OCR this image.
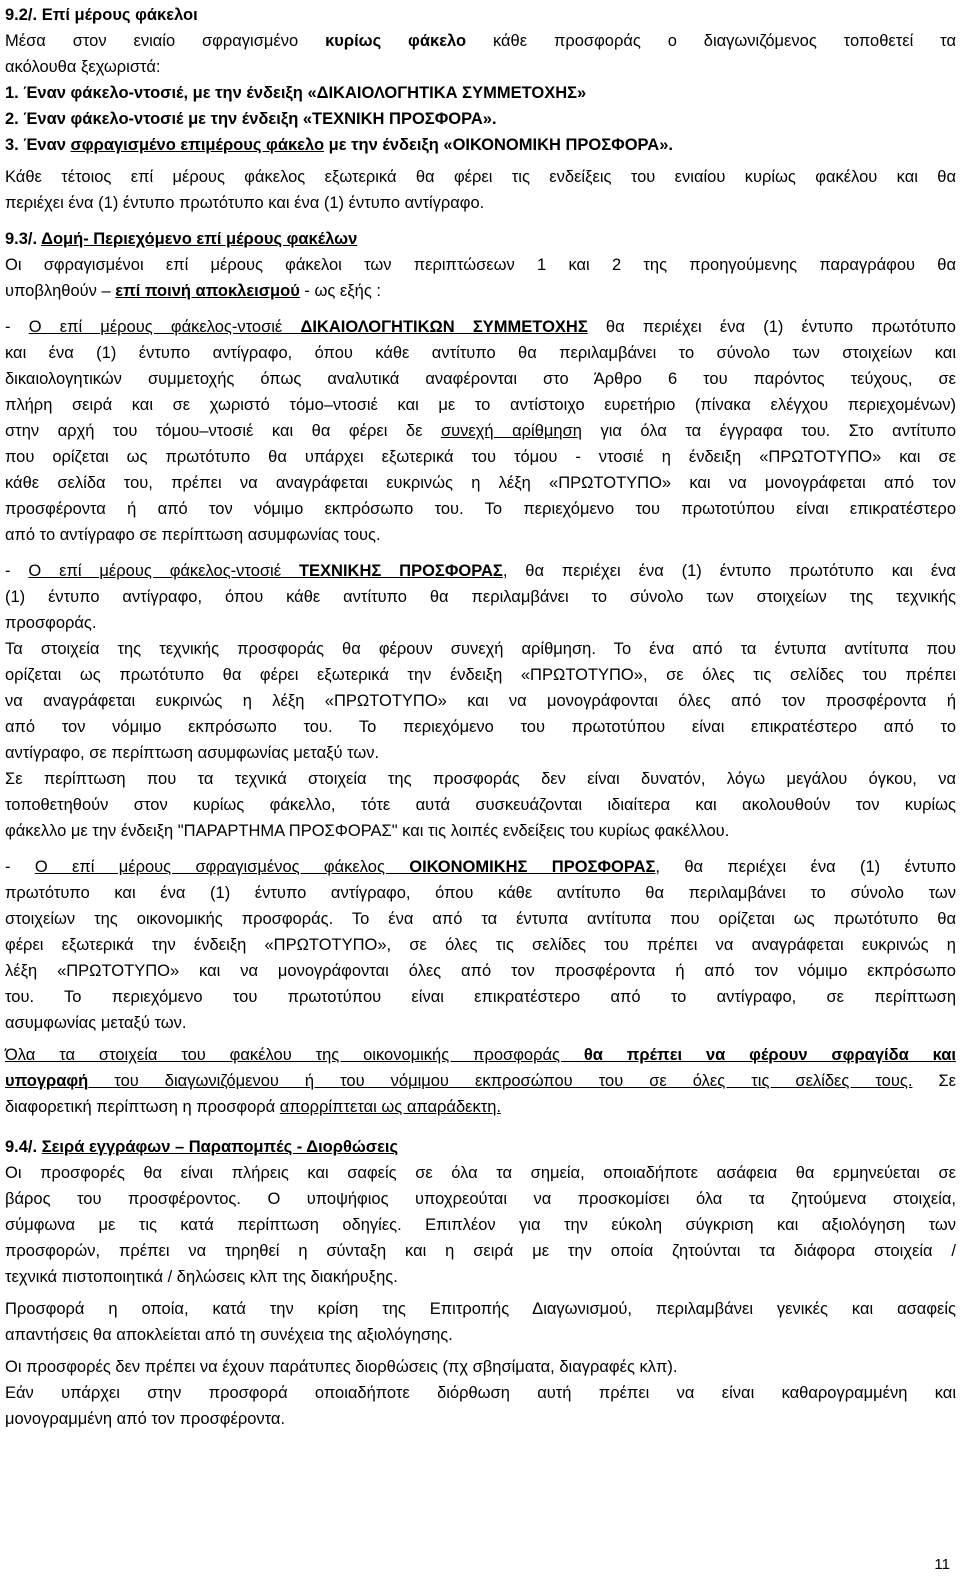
9.2/. Επί μέρους φάκελοι
Μέσα στον ενιαίο σφραγισμένο κυρίως φάκελο κάθε προσφοράς ο διαγωνιζόμενος τοποθετεί τα
ακόλουθα ξεχωριστά:
1. Έναν φάκελο-ντοσιέ, με την ένδειξη «ΔΙΚΑΙΟΛΟΓΗΤΙΚΑ ΣΥΜΜΕΤΟΧΗΣ»
2. Έναν φάκελο-ντοσιέ με την ένδειξη «ΤΕΧΝΙΚΗ ΠΡΟΣΦΟΡΑ».
3. Έναν σφραγισμένο επιμέρους φάκελο με την ένδειξη «ΟΙΚΟΝΟΜΙΚΗ ΠΡΟΣΦΟΡΑ».
Κάθε τέτοιος επί μέρους φάκελος εξωτερικά θα φέρει τις ενδείξεις του ενιαίου κυρίως φακέλου και θα
περιέχει ένα (1) έντυπο πρωτότυπο και ένα (1) έντυπο αντίγραφο.
9.3/. Δομή- Περιεχόμενο επί μέρους φακέλων
Οι σφραγισμένοι επί μέρους φάκελοι των περιπτώσεων 1 και 2 της προηγούμενης παραγράφου θα
υποβληθούν – επί ποινή αποκλεισμού - ως εξής :
- Ο επί μέρους φάκελος-ντοσιέ ΔΙΚΑΙΟΛΟΓΗΤΙΚΩΝ ΣΥΜΜΕΤΟΧΗΣ θα περιέχει ένα (1) έντυπο πρωτότυπο
και ένα (1) έντυπο αντίγραφο, όπου κάθε αντίτυπο θα περιλαμβάνει το σύνολο των στοιχείων και
δικαιολογητικών συμμετοχής όπως αναλυτικά αναφέρονται στο Άρθρο 6 του παρόντος τεύχους, σε
πλήρη σειρά και σε χωριστό τόμο–ντοσιέ και με το αντίστοιχο ευρετήριο (πίνακα ελέγχου περιεχομένων)
στην αρχή του τόμου–ντοσιέ και θα φέρει δε συνεχή αρίθμηση για όλα τα έγγραφα του. Στο αντίτυπο
που ορίζεται ως πρωτότυπο θα υπάρχει εξωτερικά του τόμου - ντοσιέ η ένδειξη «ΠΡΩΤΟΤΥΠΟ» και σε
κάθε σελίδα του, πρέπει να αναγράφεται ευκρινώς η λέξη «ΠΡΩΤΟΤΥΠΟ» και να μονογράφεται από τον
προσφέροντα ή από τον νόμιμο εκπρόσωπο του. Το περιεχόμενο του πρωτοτύπου είναι επικρατέστερο
από το αντίγραφο σε περίπτωση ασυμφωνίας τους.
- Ο επί μέρους φάκελος-ντοσιέ ΤΕΧΝΙΚΗΣ ΠΡΟΣΦΟΡΑΣ, θα περιέχει ένα (1) έντυπο πρωτότυπο και ένα
(1) έντυπο αντίγραφο, όπου κάθε αντίτυπο θα περιλαμβάνει το σύνολο των στοιχείων της τεχνικής
προσφοράς.
Τα στοιχεία της τεχνικής προσφοράς θα φέρουν συνεχή αρίθμηση. Το ένα από τα έντυπα αντίτυπα που
ορίζεται ως πρωτότυπο θα φέρει εξωτερικά την ένδειξη «ΠΡΩΤΟΤΥΠΟ», σε όλες τις σελίδες του πρέπει
να αναγράφεται ευκρινώς η λέξη «ΠΡΩΤΟΤΥΠΟ» και να μονογράφονται όλες από τον προσφέροντα ή
από τον νόμιμο εκπρόσωπο του. Το περιεχόμενο του πρωτοτύπου είναι επικρατέστερο από το
αντίγραφο, σε περίπτωση ασυμφωνίας μεταξύ των.
Σε περίπτωση που τα τεχνικά στοιχεία της προσφοράς δεν είναι δυνατόν, λόγω μεγάλου όγκου, να
τοποθετηθούν στον κυρίως φάκελλο, τότε αυτά συσκευάζονται ιδιαίτερα και ακολουθούν τον κυρίως
φάκελλο με την ένδειξη "ΠΑΡΑΡΤΗΜΑ ΠΡΟΣΦΟΡΑΣ" και τις λοιπές ενδείξεις του κυρίως φακέλλου.
- Ο επί μέρους σφραγισμένος φάκελος ΟΙΚΟΝΟΜΙΚΗΣ ΠΡΟΣΦΟΡΑΣ, θα περιέχει ένα (1) έντυπο
πρωτότυπο και ένα (1) έντυπο αντίγραφο, όπου κάθε αντίτυπο θα περιλαμβάνει το σύνολο των
στοιχείων της οικονομικής προσφοράς. Το ένα από τα έντυπα αντίτυπα που ορίζεται ως πρωτότυπο θα
φέρει εξωτερικά την ένδειξη «ΠΡΩΤΟΤΥΠΟ», σε όλες τις σελίδες του πρέπει να αναγράφεται ευκρινώς η
λέξη «ΠΡΩΤΟΤΥΠΟ» και να μονογράφονται όλες από τον προσφέροντα ή από τον νόμιμο εκπρόσωπο
του. Το περιεχόμενο του πρωτοτύπου είναι επικρατέστερο από το αντίγραφο, σε περίπτωση
ασυμφωνίας μεταξύ των.
Όλα τα στοιχεία του φακέλου της οικονομικής προσφοράς θα πρέπει να φέρουν σφραγίδα και
υπογραφή του διαγωνιζόμενου ή του νόμιμου εκπροσώπου του σε όλες τις σελίδες τους. Σε
διαφορετική περίπτωση η προσφορά απορρίπτεται ως απαράδεκτη.
9.4/. Σειρά εγγράφων – Παραπομπές - Διορθώσεις
Οι προσφορές θα είναι πλήρεις και σαφείς σε όλα τα σημεία, οποιαδήποτε ασάφεια θα ερμηνεύεται σε
βάρος του προσφέροντος. Ο υποψήφιος υποχρεούται να προσκομίσει όλα τα ζητούμενα στοιχεία,
σύμφωνα με τις κατά περίπτωση οδηγίες. Επιπλέον για την εύκολη σύγκριση και αξιολόγηση των
προσφορών, πρέπει να τηρηθεί η σύνταξη και η σειρά με την οποία ζητούνται τα διάφορα στοιχεία /
τεχνικά πιστοποιητικά / δηλώσεις κλπ της διακήρυξης.
Προσφορά η οποία, κατά την κρίση της Επιτροπής Διαγωνισμού, περιλαμβάνει γενικές και ασαφείς
απαντήσεις θα αποκλείεται από τη συνέχεια της αξιολόγησης.
Οι προσφορές δεν πρέπει να έχουν παράτυπες διορθώσεις (πχ σβησίματα, διαγραφές κλπ).
Εάν υπάρχει στην προσφορά οποιαδήποτε διόρθωση αυτή πρέπει να είναι καθαρογραμμένη και
μονογραμμένη από τον προσφέροντα.
11
